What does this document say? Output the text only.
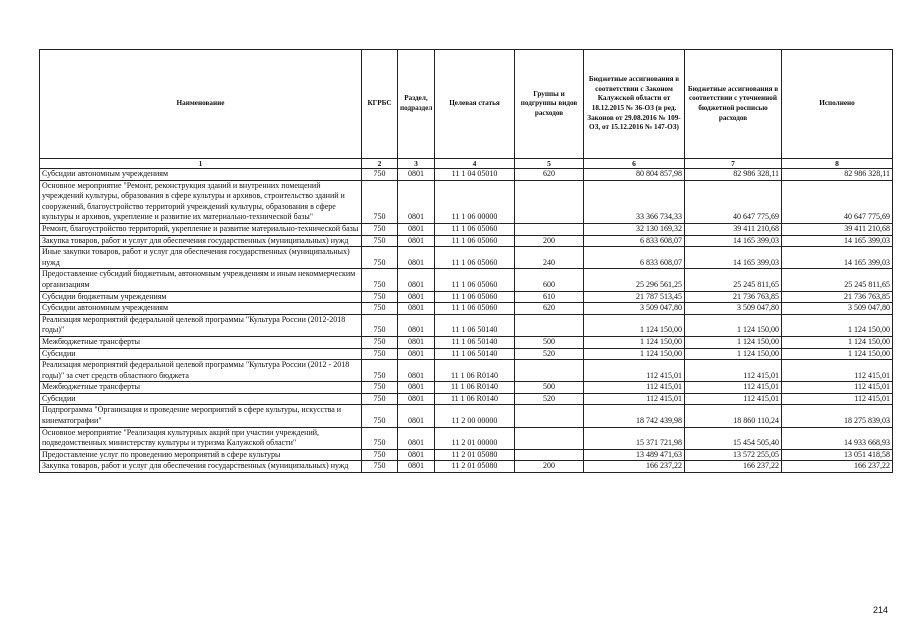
Наименование	КГРБС	Раздел, подраздел	Целевая статья	Группы и подгруппы видов расходов	Бюджетные ассигнования в соответствии с Законом Калужской области от 18.12.2015 № 36-ОЗ (в ред. Законов от 29.08.2016 № 109-ОЗ, от 15.12.2016 № 147-ОЗ)	Бюджетные ассигнования в соответствии с уточненной бюджетной росписью расходов	Исполнено
1	2	3	4	5	6	7	8
Субсидии автономным учреждениям	750	0801	11 1 04 05010	620	80 804 857,98	82 986 328,11	82 986 328,11
Основное мероприятие "Ремонт, реконструкция зданий и внутренних помещений учреждений культуры, образования в сфере культуры и архивов, строительство зданий и сооружений, благоустройство территорий учреждений культуры, образования в сфере культуры и архивов, укрепление и развитие их материально-технической базы"	750	0801	11 1 06 00000		33 366 734,33	40 647 775,69	40 647 775,69
Ремонт, благоустройство территорий, укрепление и развитие материально-технической базы	750	0801	11 1 06 05060		32 130 169,32	39 411 210,68	39 411 210,68
Закупка товаров, работ и услуг для обеспечения государственных (муниципальных) нужд	750	0801	11 1 06 05060	200	6 833 608,07	14 165 399,03	14 165 399,03
Иные закупки товаров, работ и услуг для обеспечения государственных (муниципальных) нужд	750	0801	11 1 06 05060	240	6 833 608,07	14 165 399,03	14 165 399,03
Предоставление субсидий бюджетным, автономным учреждениям и иным некоммерческим организациям	750	0801	11 1 06 05060	600	25 296 561,25	25 245 811,65	25 245 811,65
Субсидии бюджетным учреждениям	750	0801	11 1 06 05060	610	21 787 513,45	21 736 763,85	21 736 763,85
Субсидии автономным учреждениям	750	0801	11 1 06 05060	620	3 509 047,80	3 509 047,80	3 509 047,80
Реализация мероприятий федеральной целевой программы "Культура России (2012-2018 годы)"	750	0801	11 1 06 50140		1 124 150,00	1 124 150,00	1 124 150,00
Межбюджетные трансферты	750	0801	11 1 06 50140	500	1 124 150,00	1 124 150,00	1 124 150,00
Субсидии	750	0801	11 1 06 50140	520	1 124 150,00	1 124 150,00	1 124 150,00
Реализация мероприятий федеральной целевой программы "Культура России (2012 - 2018 годы)" за счет средств областного бюджета	750	0801	11 1 06 R0140		112 415,01	112 415,01	112 415,01
Межбюджетные трансферты	750	0801	11 1 06 R0140	500	112 415,01	112 415,01	112 415,01
Субсидии	750	0801	11 1 06 R0140	520	112 415,01	112 415,01	112 415,01
Подпрограмма "Организация и проведение мероприятий в сфере культуры, искусства и кинематографии"	750	0801	11 2 00 00000		18 742 439,98	18 860 110,24	18 275 839,03
Основное мероприятие "Реализация культурных акций при участии учреждений, подведомственных министерству культуры и туризма Калужской области"	750	0801	11 2 01 00000		15 371 721,98	15 454 505,40	14 933 668,93
Предоставление услуг по проведению мероприятий в сфере культуры	750	0801	11 2 01 05080		13 489 471,63	13 572 255,05	13 051 418,58
Закупка товаров, работ и услуг для обеспечения государственных (муниципальных) нужд	750	0801	11 2 01 05080	200	166 237,22	166 237,22	166 237,22
214
